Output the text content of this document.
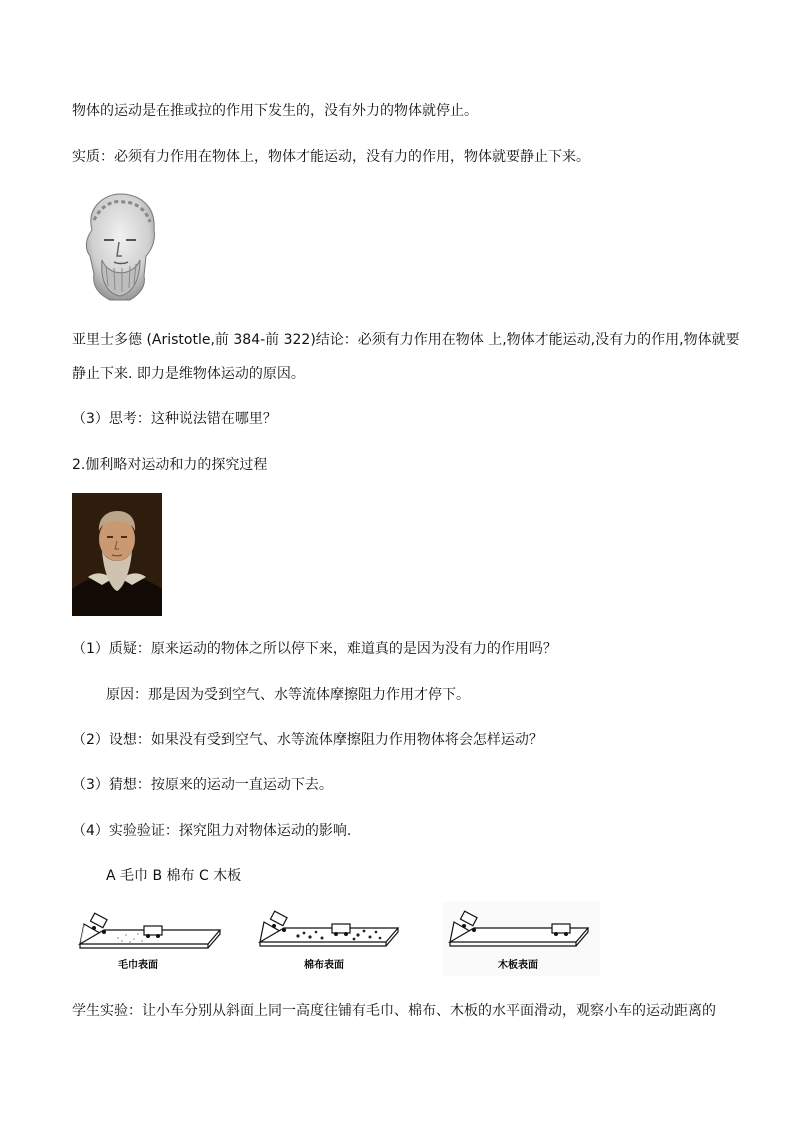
物体的运动是在推或拉的作用下发生的，没有外力的物体就停止。
实质：必须有力作用在物体上，物体才能运动，没有力的作用，物体就要静止下来。
亚里士多德 (Aristotle,前 384-前 322)结论：必须有力作用在物体 上,物体才能运动,没有力的作用,物体就要
静止下来. 即力是维物体运动的原因。
（3）思考：这种说法错在哪里？
2.伽利略对运动和力的探究过程
（1）质疑：原来运动的物体之所以停下来，难道真的是因为没有力的作用吗？
原因：那是因为受到空气、水等流体摩擦阻力作用才停下。
（2）设想：如果没有受到空气、水等流体摩擦阻力作用物体将会怎样运动？
（3）猜想：按原来的运动一直运动下去。
（4）实验验证：探究阻力对物体运动的影响.
A 毛巾 B 棉布 C 木板
毛巾表面	棉布表面	木板表面
学生实验：让小车分别从斜面上同一高度往铺有毛巾、棉布、木板的水平面滑动，观察小车的运动距离的
